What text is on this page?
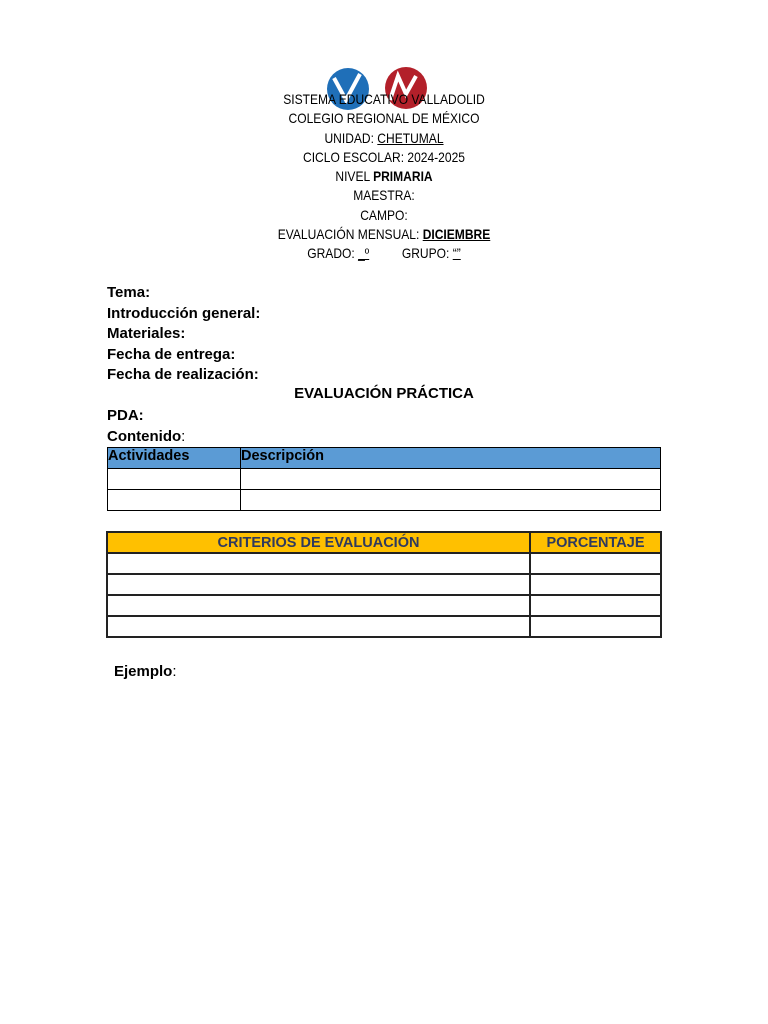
SISTEMA EDUCATIVO VALLADOLID
COLEGIO REGIONAL DE MÉXICO
UNIDAD: CHETUMAL
CICLO ESCOLAR: 2024-2025
NIVEL PRIMARIA
MAESTRA:
CAMPO:
EVALUACIÓN MENSUAL: DICIEMBRE
GRADO: _º GRUPO: “”
Tema:
Introducción general:
Materiales:
Fecha de entrega:
Fecha de realización:
EVALUACIÓN PRÁCTICA
PDA:
Contenido:
Actividades	Descripción

CRITERIOS DE EVALUACIÓN	PORCENTAJE

Ejemplo:
